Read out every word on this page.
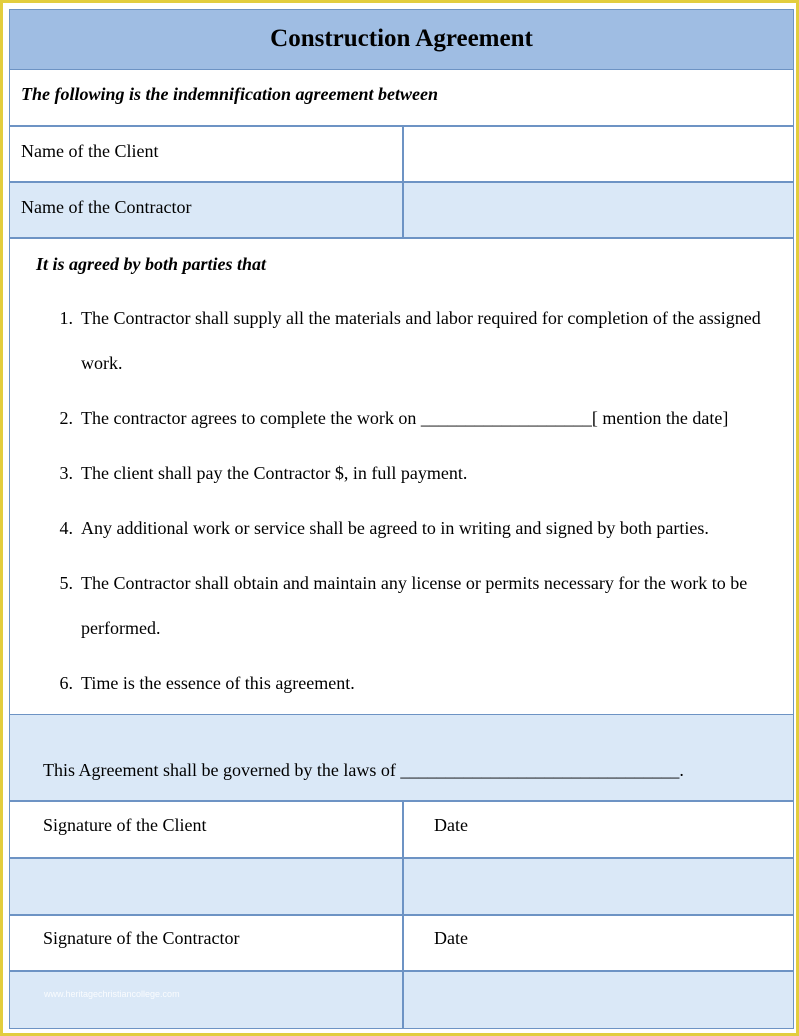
Construction Agreement
The following is the indemnification agreement between
Name of the Client
Name of the Contractor
It is agreed by both parties that
1. The Contractor shall supply all the materials and labor required for completion of the assigned work.
2. The contractor agrees to complete the work on ___________________[ mention the date]
3. The client shall pay the Contractor $, in full payment.
4. Any additional work or service shall be agreed to in writing and signed by both parties.
5. The Contractor shall obtain and maintain any license or permits necessary for the work to be performed.
6. Time is the essence of this agreement.
This Agreement shall be governed by the laws of _______________________________.
Signature of the Client	Date
Signature of the Contractor	Date
www.heritagechristiancollege.com
